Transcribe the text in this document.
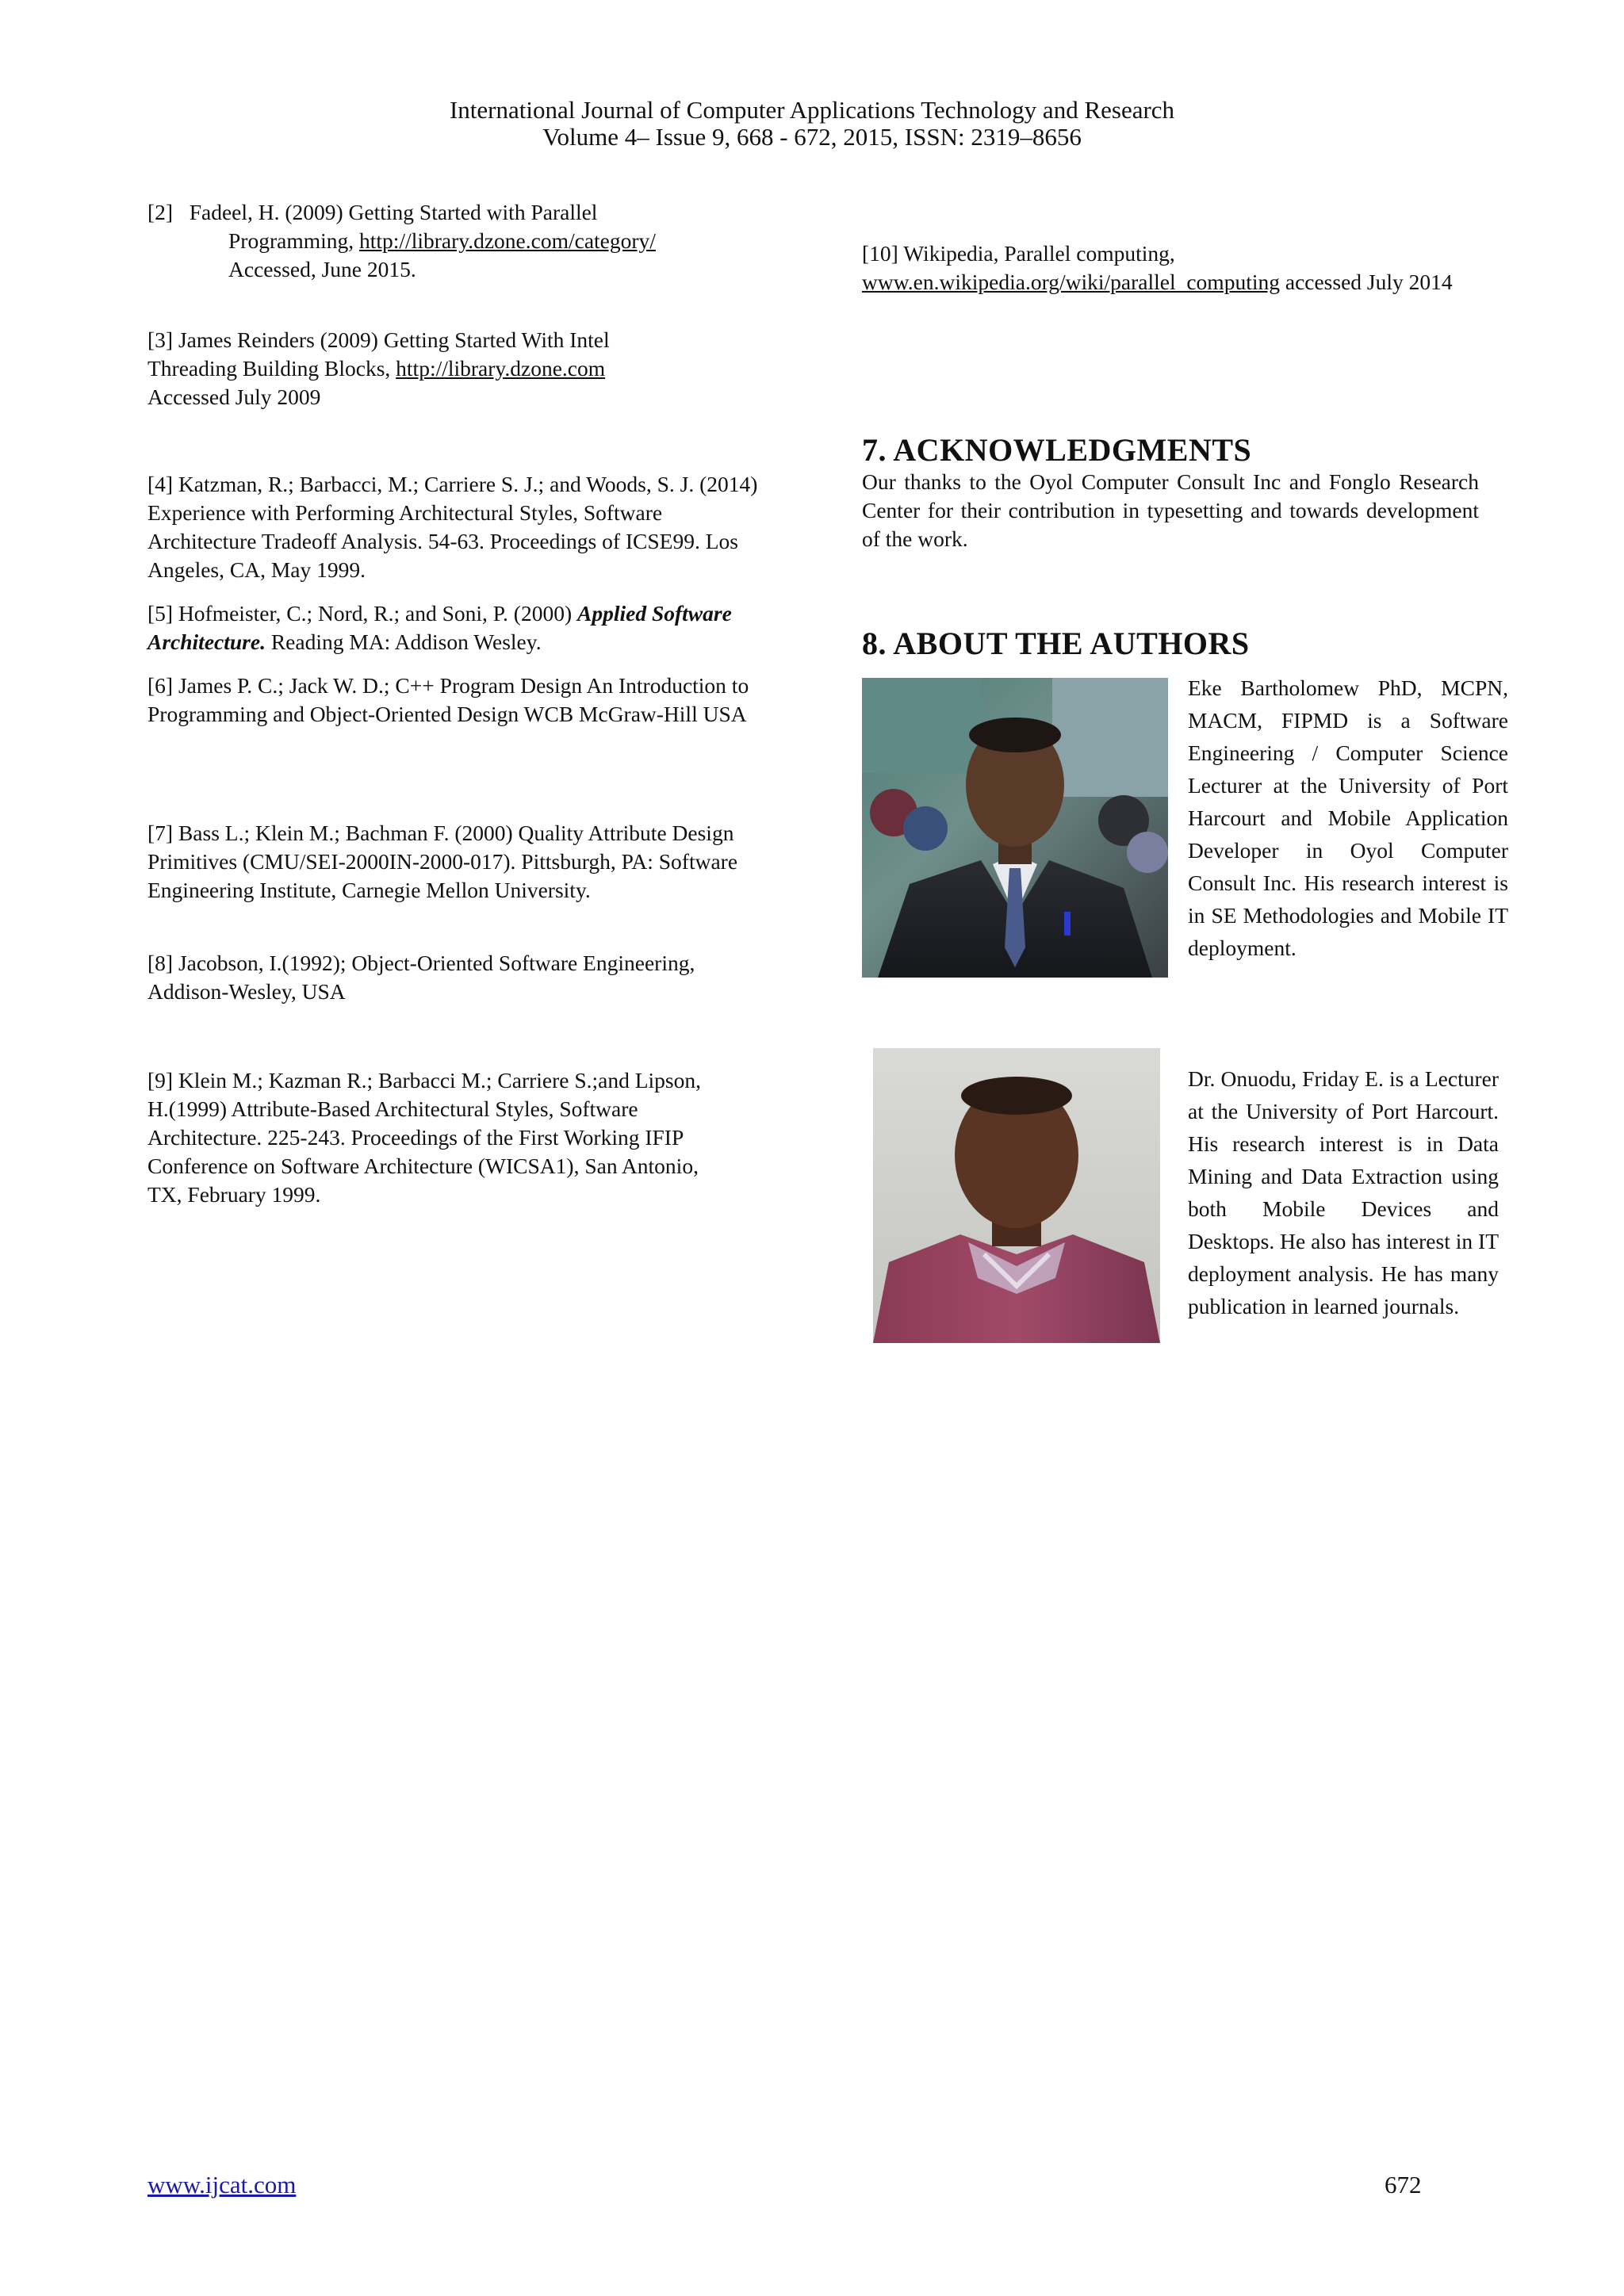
International Journal of Computer Applications Technology and Research
Volume 4– Issue 9, 668 - 672, 2015, ISSN: 2319–8656
[2] Fadeel, H. (2009) Getting Started with Parallel
Programming, http://library.dzone.com/category/
Accessed, June 2015.
[3] James Reinders (2009) Getting Started With Intel
Threading Building Blocks, http://library.dzone.com
Accessed July 2009
[4] Katzman, R.; Barbacci, M.; Carriere S. J.; and Woods, S. J. (2014) Experience with Performing Architectural Styles, Software Architecture Tradeoff Analysis. 54-63. Proceedings of ICSE99. Los Angeles, CA, May 1999.
[5] Hofmeister, C.; Nord, R.; and Soni, P. (2000) Applied Software Architecture. Reading MA: Addison Wesley.
[6] James P. C.; Jack W. D.; C++ Program Design An Introduction to Programming and Object-Oriented Design WCB McGraw-Hill USA
[7] Bass L.; Klein M.; Bachman F. (2000) Quality Attribute Design Primitives (CMU/SEI-2000IN-2000-017). Pittsburgh, PA: Software Engineering Institute, Carnegie Mellon University.
[8] Jacobson, I.(1992); Object-Oriented Software Engineering, Addison-Wesley, USA
[9] Klein M.; Kazman R.; Barbacci M.; Carriere S.;and Lipson, H.(1999) Attribute-Based Architectural Styles, Software Architecture. 225-243. Proceedings of the First Working IFIP Conference on Software Architecture (WICSA1), San Antonio, TX, February 1999.
[10] Wikipedia, Parallel computing,
www.en.wikipedia.org/wiki/parallel_computing accessed July 2014
7. ACKNOWLEDGMENTS
Our thanks to the Oyol Computer Consult Inc and Fonglo Research Center for their contribution in typesetting and towards development of the work.
8. ABOUT THE AUTHORS
Eke Bartholomew PhD, MCPN, MACM, FIPMD is a Software Engineering / Computer Science Lecturer at the University of Port Harcourt and Mobile Application Developer in Oyol Computer Consult Inc. His research interest is in SE Methodologies and Mobile IT deployment.
Dr. Onuodu, Friday E. is a Lecturer at the University of Port Harcourt. His research interest is in Data Mining and Data Extraction using both Mobile Devices and Desktops. He also has interest in IT deployment analysis. He has many publication in learned journals.
www.ijcat.com	672
